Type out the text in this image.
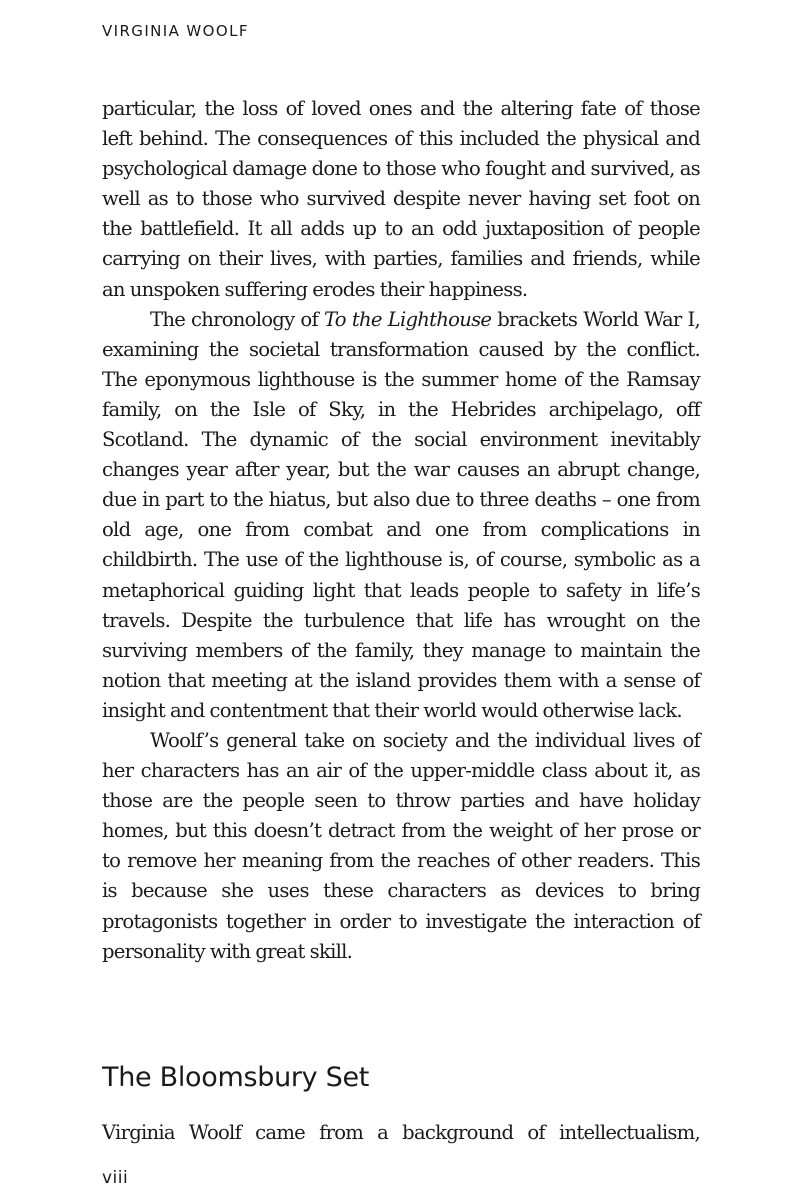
VIRGINIA WOOLF

particular, the loss of loved ones and the altering fate of those left behind. The consequences of this included the physical and psychological damage done to those who fought and survived, as well as to those who survived despite never having set foot on the battlefield. It all adds up to an odd juxtaposition of people carrying on their lives, with parties, families and friends, while an unspoken suffering erodes their happiness.

The chronology of To the Lighthouse brackets World War I, examining the societal transformation caused by the conflict. The eponymous lighthouse is the summer home of the Ramsay family, on the Isle of Sky, in the Hebrides archipelago, off Scotland. The dynamic of the social environment inevitably changes year after year, but the war causes an abrupt change, due in part to the hiatus, but also due to three deaths – one from old age, one from combat and one from complications in childbirth. The use of the lighthouse is, of course, symbolic as a metaphorical guiding light that leads people to safety in life’s travels. Despite the turbulence that life has wrought on the surviving members of the family, they manage to maintain the notion that meeting at the island provides them with a sense of insight and contentment that their world would otherwise lack.

Woolf’s general take on society and the individual lives of her characters has an air of the upper-middle class about it, as those are the people seen to throw parties and have holiday homes, but this doesn’t detract from the weight of her prose or to remove her meaning from the reaches of other readers. This is because she uses these characters as devices to bring protagonists together in order to investigate the interaction of personality with great skill.

The Bloomsbury Set

Virginia Woolf came from a background of intellectualism,

viii
